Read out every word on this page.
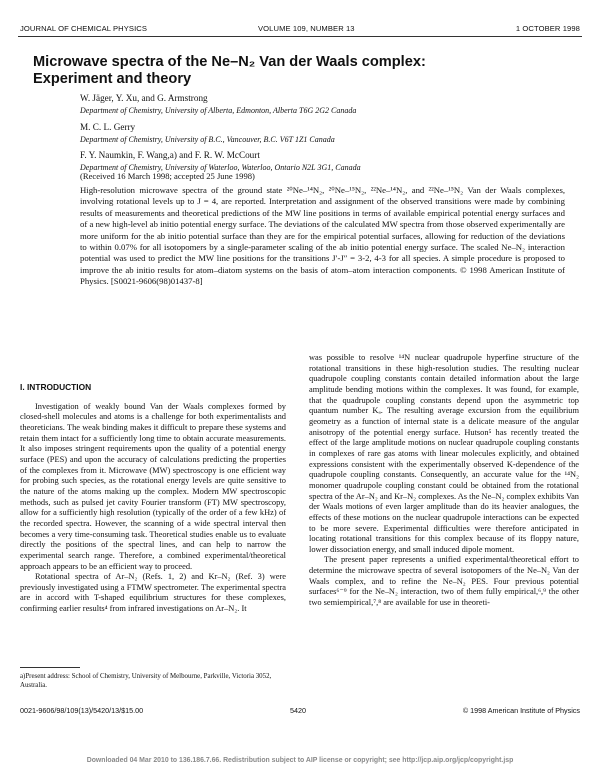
JOURNAL OF CHEMICAL PHYSICS	VOLUME 109, NUMBER 13	1 OCTOBER 1998
Microwave spectra of the Ne–N₂ Van der Waals complex:
Experiment and theory
W. Jäger, Y. Xu, and G. Armstrong
Department of Chemistry, University of Alberta, Edmonton, Alberta T6G 2G2 Canada
M. C. L. Gerry
Department of Chemistry, University of B.C., Vancouver, B.C. V6T 1Z1 Canada
F. Y. Naumkin, F. Wang,a) and F. R. W. McCourt
Department of Chemistry, University of Waterloo, Waterloo, Ontario N2L 3G1, Canada
(Received 16 March 1998; accepted 25 June 1998)
High-resolution microwave spectra of the ground state ²⁰Ne–¹⁴N₂, ²⁰Ne–¹⁵N₂, ²²Ne–¹⁴N₂, and ²²Ne–¹⁵N₂ Van der Waals complexes, involving rotational levels up to J = 4, are reported. Interpretation and assignment of the observed transitions were made by combining results of measurements and theoretical predictions of the MW line positions in terms of available empirical potential energy surfaces and of a new high-level ab initio potential energy surface. The deviations of the calculated MW spectra from those observed experimentally are more uniform for the ab initio potential surface than they are for the empirical potential surfaces, allowing for reduction of the deviations to within 0.07% for all isotopomers by a single-parameter scaling of the ab initio potential energy surface. The scaled Ne–N₂ interaction potential was used to predict the MW line positions for the transitions J′-J″ = 3-2, 4-3 for all species. A simple procedure is proposed to improve the ab initio results for atom–diatom systems on the basis of atom–atom interaction components. © 1998 American Institute of Physics. [S0021-9606(98)01437-8]
I. INTRODUCTION

Investigation of weakly bound Van der Waals complexes formed by closed-shell molecules and atoms is a challenge for both experimentalists and theoreticians. The weak binding makes it difficult to prepare these systems and retain them intact for a sufficiently long time to obtain accurate measurements. It also imposes stringent requirements upon the quality of a potential energy surface (PES) and upon the accuracy of calculations predicting the properties of the complexes from it. Microwave (MW) spectroscopy is one efficient way for probing such species, as the rotational energy levels are quite sensitive to the nature of the atoms making up the complex. Modern MW spectroscopic methods, such as pulsed jet cavity Fourier transform (FT) MW spectroscopy, allow for a sufficiently high resolution (typically of the order of a few kHz) of the recorded spectra. However, the scanning of a wide spectral interval then becomes a very time-consuming task. Theoretical studies enable us to evaluate directly the positions of the spectral lines, and can help to narrow the experimental search range. Therefore, a combined experimental/theoretical approach appears to be an efficient way to proceed.

Rotational spectra of Ar–N₂ (Refs. 1, 2) and Kr–N₂ (Ref. 3) were previously investigated using a FTMW spectrometer. The experimental spectra are in accord with T-shaped equilibrium structures for these complexes, confirming earlier results⁴ from infrared investigations on Ar–N₂. It

was possible to resolve ¹⁴N nuclear quadrupole hyperfine structure of the rotational transitions in these high-resolution studies. The resulting nuclear quadrupole coupling constants contain detailed information about the large amplitude bending motions within the complexes. It was found, for example, that the quadrupole coupling constants depend upon the asymmetric top quantum number Kₐ. The resulting average excursion from the equilibrium geometry as a function of internal state is a delicate measure of the angular anisotropy of the potential energy surface. Hutson⁵ has recently treated the effect of the large amplitude motions on nuclear quadrupole coupling constants in complexes of rare gas atoms with linear molecules explicitly, and obtained expressions consistent with the experimentally observed K-dependence of the quadrupole coupling constants. Consequently, an accurate value for the ¹⁴N₂ monomer quadrupole coupling constant could be obtained from the rotational spectra of the Ar–N₂ and Kr–N₂ complexes. As the Ne–N₂ complex exhibits Van der Waals motions of even larger amplitude than do its heavier analogues, the effects of these motions on the nuclear quadrupole interactions can be expected to be more severe. Experimental difficulties were therefore anticipated in locating rotational transitions for this complex because of its floppy nature, lower dissociation energy, and small induced dipole moment.

The present paper represents a unified experimental/theoretical effort to determine the microwave spectra of several isotopomers of the Ne–N₂ Van der Waals complex, and to refine the Ne–N₂ PES. Four previous potential surfaces⁶⁻⁹ for the Ne–N₂ interaction, two of them fully empirical,⁶,⁹ the other two semiempirical,⁷,⁸ are available for use in theoreti-

a)Present address: School of Chemistry, University of Melbourne, Parkville, Victoria 3052, Australia.
0021-9606/98/109(13)/5420/13/$15.00	5420	© 1998 American Institute of Physics
Downloaded 04 Mar 2010 to 136.186.7.66. Redistribution subject to AIP license or copyright; see http://jcp.aip.org/jcp/copyright.jsp
